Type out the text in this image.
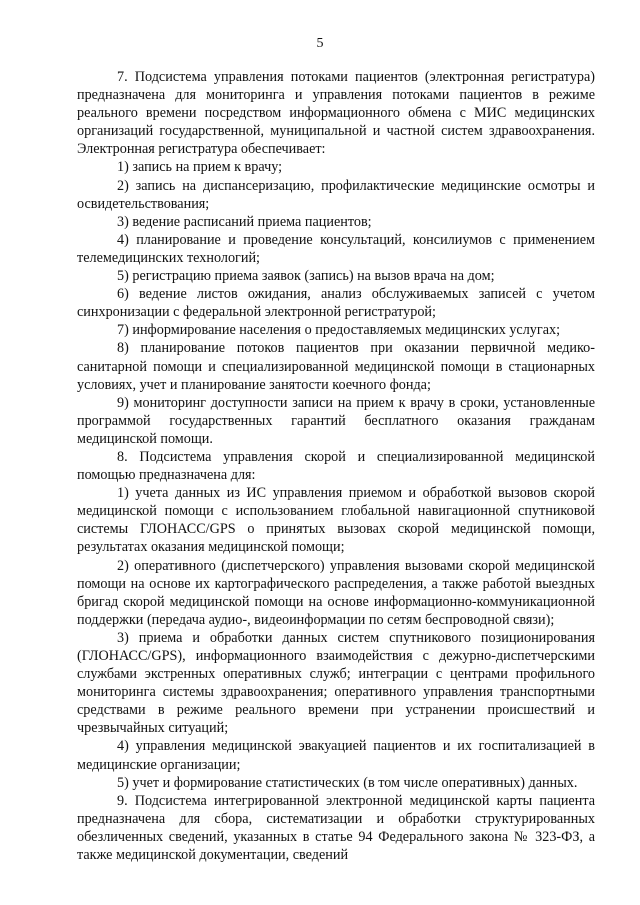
5

7. Подсистема управления потоками пациентов (электронная регистратура) предназначена для мониторинга и управления потоками пациентов в режиме реального времени посредством информационного обмена с МИС медицинских организаций государственной, муниципальной и частной систем здравоохранения. Электронная регистратура обеспечивает:

1) запись на прием к врачу;

2) запись на диспансеризацию, профилактические медицинские осмотры и освидетельствования;

3) ведение расписаний приема пациентов;

4) планирование и проведение консультаций, консилиумов с применением телемедицинских технологий;

5) регистрацию приема заявок (запись) на вызов врача на дом;

6) ведение листов ожидания, анализ обслуживаемых записей с учетом синхронизации с федеральной электронной регистратурой;

7) информирование населения о предоставляемых медицинских услугах;

8) планирование потоков пациентов при оказании первичной медико-санитарной помощи и специализированной медицинской помощи в стационарных условиях, учет и планирование занятости коечного фонда;

9) мониторинг доступности записи на прием к врачу в сроки, установленные программой государственных гарантий бесплатного оказания гражданам медицинской помощи.

8. Подсистема управления скорой и специализированной медицинской помощью предназначена для:

1) учета данных из ИС управления приемом и обработкой вызовов скорой медицинской помощи с использованием глобальной навигационной спутниковой системы ГЛОНАСС/GPS о принятых вызовах скорой медицинской помощи, результатах оказания медицинской помощи;

2) оперативного (диспетчерского) управления вызовами скорой медицинской помощи на основе их картографического распределения, а также работой выездных бригад скорой медицинской помощи на основе информационно-коммуникационной поддержки (передача аудио-, видеоинформации по сетям беспроводной связи);

3) приема и обработки данных систем спутникового позиционирования (ГЛОНАСС/GPS), информационного взаимодействия с дежурно-диспетчерскими службами экстренных оперативных служб; интеграции с центрами профильного мониторинга системы здравоохранения; оперативного управления транспортными средствами в режиме реального времени при устранении происшествий и чрезвычайных ситуаций;

4) управления медицинской эвакуацией пациентов и их госпитализацией в медицинские организации;

5) учет и формирование статистических (в том числе оперативных) данных.

9. Подсистема интегрированной электронной медицинской карты пациента предназначена для сбора, систематизации и обработки структурированных обезличенных сведений, указанных в статье 94 Федерального закона № 323-ФЗ, а также медицинской документации, сведений
